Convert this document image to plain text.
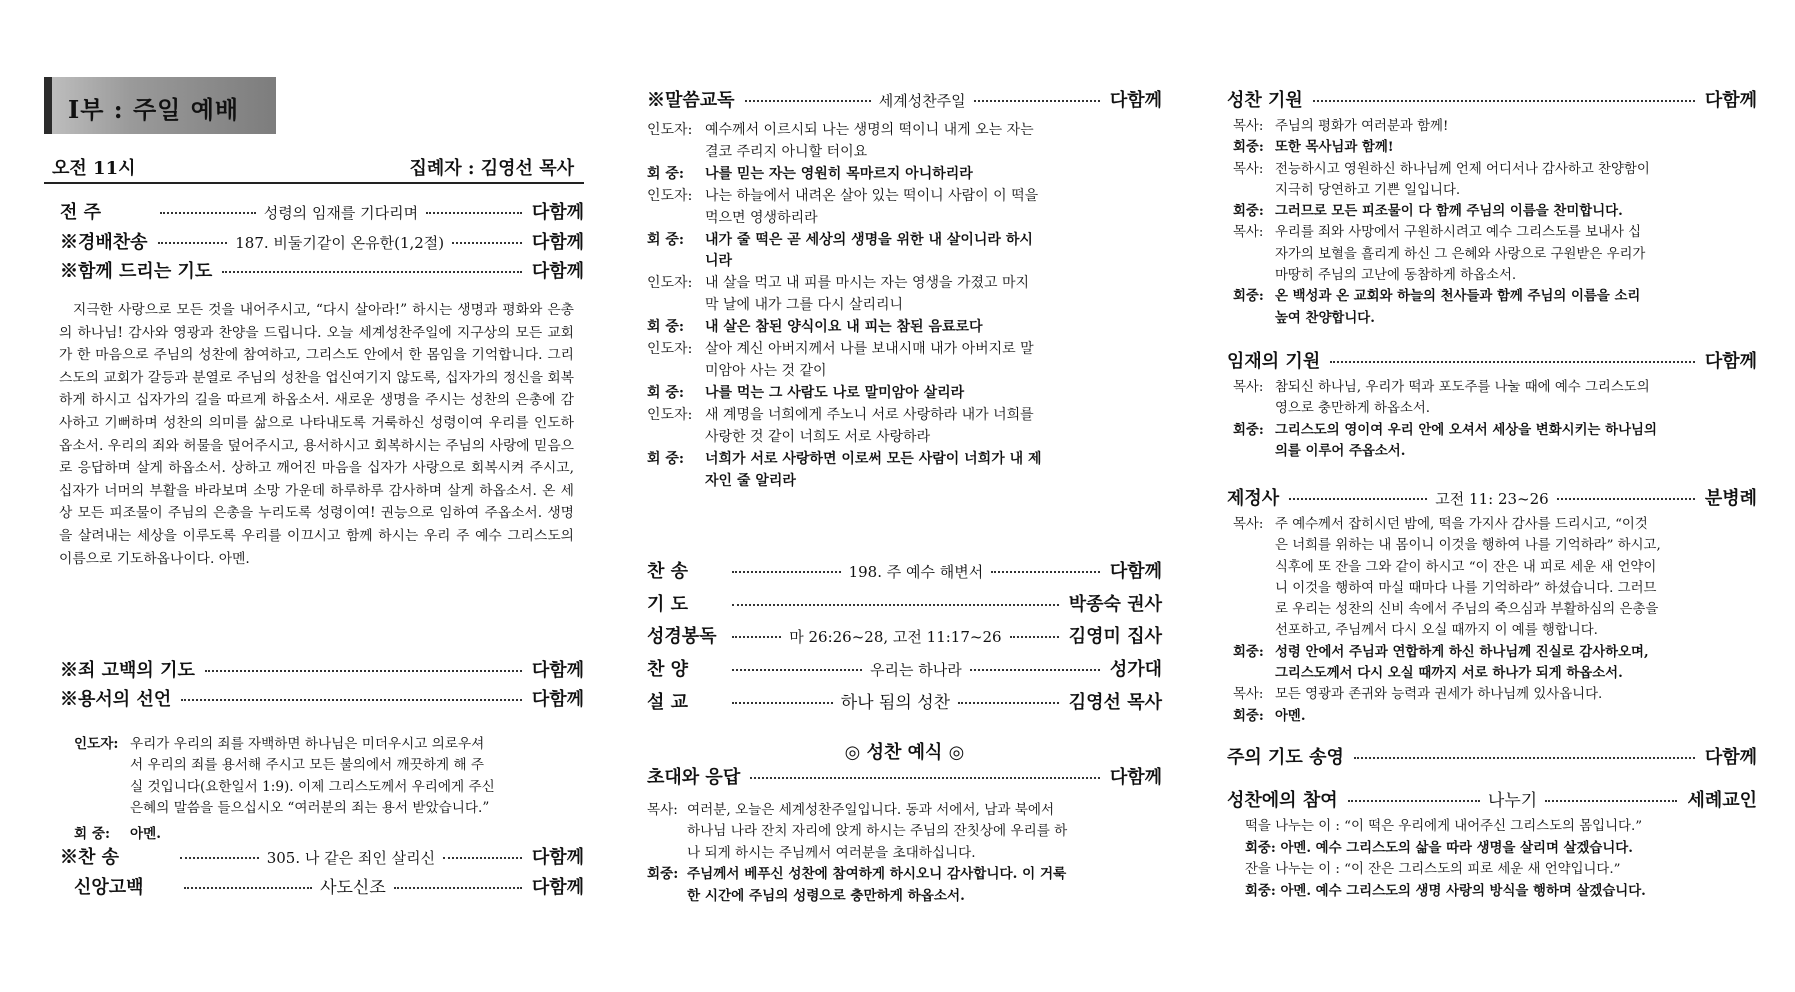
I부 : 주일 예배
오전 11시	집례자 : 김영선 목사
전 주	성령의 임재를 기다리며	다함께
※경배찬송	187. 비둘기같이 온유한(1,2절)	다함께
※함께 드리는 기도	다함께
지극한 사랑으로 모든 것을 내어주시고, “다시 살아라!” 하시는 생명과 평화와 은총의 하나님! 감사와 영광과 찬양을 드립니다. 오늘 세계성찬주일에 지구상의 모든 교회가 한 마음으로 주님의 성찬에 참여하고, 그리스도 안에서 한 몸임을 기억합니다. 그리스도의 교회가 갈등과 분열로 주님의 성찬을 업신여기지 않도록, 십자가의 정신을 회복하게 하시고 십자가의 길을 따르게 하옵소서. 새로운 생명을 주시는 성찬의 은총에 감사하고 기뻐하며 성찬의 의미를 삶으로 나타내도록 거룩하신 성령이여 우리를 인도하옵소서. 우리의 죄와 허물을 덮어주시고, 용서하시고 회복하시는 주님의 사랑에 믿음으로 응답하며 살게 하옵소서. 상하고 깨어진 마음을 십자가 사랑으로 회복시켜 주시고, 십자가 너머의 부활을 바라보며 소망 가운데 하루하루 감사하며 살게 하옵소서. 온 세상 모든 피조물이 주님의 은총을 누리도록 성령이여! 권능으로 임하여 주옵소서. 생명을 살려내는 세상을 이루도록 우리를 이끄시고 함께 하시는 우리 주 예수 그리스도의 이름으로 기도하옵나이다. 아멘.
※죄 고백의 기도	다함께
※용서의 선언	다함께
인도자: 우리가 우리의 죄를 자백하면 하나님은 미더우시고 의로우셔
서 우리의 죄를 용서해 주시고 모든 불의에서 깨끗하게 해 주
실 것입니다(요한일서 1:9). 이제 그리스도께서 우리에게 주신
은혜의 말씀을 들으십시오 “여러분의 죄는 용서 받았습니다.”
회 중:	아멘.
※찬 송	305. 나 같은 죄인 살리신	다함께
신앙고백	사도신조	다함께
※말씀교독	세계성찬주일	다함께
인도자: 예수께서 이르시되 나는 생명의 떡이니 내게 오는 자는
결코 주리지 아니할 터이요
회 중:	나를 믿는 자는 영원히 목마르지 아니하리라
인도자: 나는 하늘에서 내려온 살아 있는 떡이니 사람이 이 떡을
먹으면 영생하리라
회 중:	내가 줄 떡은 곧 세상의 생명을 위한 내 살이니라 하시
니라
인도자: 내 살을 먹고 내 피를 마시는 자는 영생을 가졌고 마지
막 날에 내가 그를 다시 살리리니
회 중:	내 살은 참된 양식이요 내 피는 참된 음료로다
인도자: 살아 계신 아버지께서 나를 보내시매 내가 아버지로 말
미암아 사는 것 같이
회 중:	나를 먹는 그 사람도 나로 말미암아 살리라
인도자: 새 계명을 너희에게 주노니 서로 사랑하라 내가 너희를
사랑한 것 같이 너희도 서로 사랑하라
회 중:	너희가 서로 사랑하면 이로써 모든 사람이 너희가 내 제
자인 줄 알리라
찬 송	198. 주 예수 해변서	다함께
기 도	박종숙 권사
성경봉독	마 26:26~28, 고전 11:17~26	김영미 집사
찬 양	우리는 하나라	성가대
설 교	하나 됨의 성찬	김영선 목사
◎ 성찬 예식 ◎
초대와 응답	다함께
목사: 여러분, 오늘은 세계성찬주일입니다. 동과 서에서, 남과 북에서
하나님 나라 잔치 자리에 앉게 하시는 주님의 잔칫상에 우리를 하
나 되게 하시는 주님께서 여러분을 초대하십니다.
회중: 주님께서 베푸신 성찬에 참여하게 하시오니 감사합니다. 이 거룩
한 시간에 주님의 성령으로 충만하게 하옵소서.
성찬 기원	다함께
목사: 주님의 평화가 여러분과 함께!
회중: 또한 목사님과 함께!
목사: 전능하시고 영원하신 하나님께 언제 어디서나 감사하고 찬양함이
지극히 당연하고 기쁜 일입니다.
회중: 그러므로 모든 피조물이 다 함께 주님의 이름을 찬미합니다.
목사: 우리를 죄와 사망에서 구원하시려고 예수 그리스도를 보내사 십
자가의 보혈을 흘리게 하신 그 은혜와 사랑으로 구원받은 우리가
마땅히 주님의 고난에 동참하게 하옵소서.
회중: 온 백성과 온 교회와 하늘의 천사들과 함께 주님의 이름을 소리
높여 찬양합니다.
임재의 기원	다함께
목사: 참되신 하나님, 우리가 떡과 포도주를 나눌 때에 예수 그리스도의
영으로 충만하게 하옵소서.
회중: 그리스도의 영이여 우리 안에 오셔서 세상을 변화시키는 하나님의
의를 이루어 주옵소서.
제정사	고전 11: 23~26	분병례
목사: 주 예수께서 잡히시던 밤에, 떡을 가지사 감사를 드리시고, “이것
은 너희를 위하는 내 몸이니 이것을 행하여 나를 기억하라” 하시고,
식후에 또 잔을 그와 같이 하시고 “이 잔은 내 피로 세운 새 언약이
니 이것을 행하여 마실 때마다 나를 기억하라” 하셨습니다. 그러므
로 우리는 성찬의 신비 속에서 주님의 죽으심과 부활하심의 은총을
선포하고, 주님께서 다시 오실 때까지 이 예를 행합니다.
회중: 성령 안에서 주님과 연합하게 하신 하나님께 진실로 감사하오며,
그리스도께서 다시 오실 때까지 서로 하나가 되게 하옵소서.
목사: 모든 영광과 존귀와 능력과 권세가 하나님께 있사옵니다.
회중: 아멘.
주의 기도 송영	다함께
성찬에의 참여	나누기	세례교인
떡을 나누는 이 : “이 떡은 우리에게 내어주신 그리스도의 몸입니다.”
회중: 아멘. 예수 그리스도의 삶을 따라 생명을 살리며 살겠습니다.
잔을 나누는 이 : “이 잔은 그리스도의 피로 세운 새 언약입니다.”
회중: 아멘. 예수 그리스도의 생명 사랑의 방식을 행하며 살겠습니다.
